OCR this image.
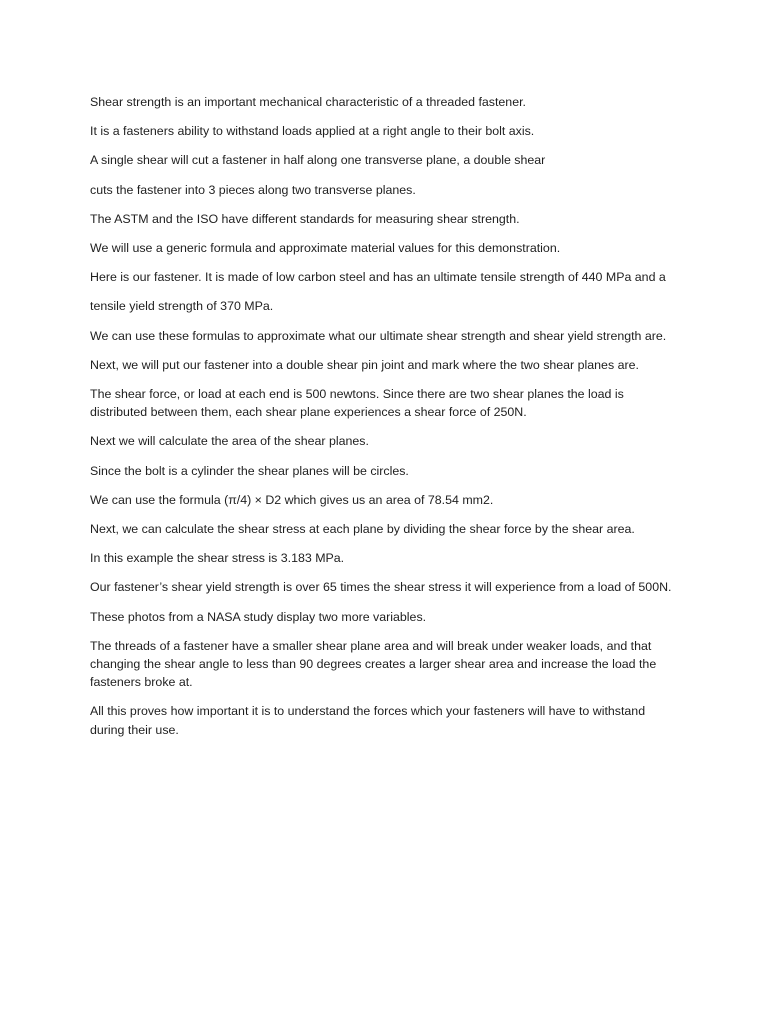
Shear strength is an important mechanical characteristic of a threaded fastener.

It is a fasteners ability to withstand loads applied at a right angle to their bolt axis.

A single shear will cut a fastener in half along one transverse plane, a double shear

cuts the fastener into 3 pieces along two transverse planes.

The ASTM and the ISO have different standards for measuring shear strength.

We will use a generic formula and approximate material values for this demonstration.

Here is our fastener. It is made of low carbon steel and has an ultimate tensile strength of 440 MPa and a

tensile yield strength of 370 MPa.

We can use these formulas to approximate what our ultimate shear strength and shear yield strength are.

Next, we will put our fastener into a double shear pin joint and mark where the two shear planes are.

The shear force, or load at each end is 500 newtons. Since there are two shear planes the load is distributed between them, each shear plane experiences a shear force of 250N.

Next we will calculate the area of the shear planes.

Since the bolt is a cylinder the shear planes will be circles.

We can use the formula (π/4) × D2 which gives us an area of 78.54 mm2.

Next, we can calculate the shear stress at each plane by dividing the shear force by the shear area.

In this example the shear stress is 3.183 MPa.

Our fastener’s shear yield strength is over 65 times the shear stress it will experience from a load of 500N.

These photos from a NASA study display two more variables.

The threads of a fastener have a smaller shear plane area and will break under weaker loads, and that changing the shear angle to less than 90 degrees creates a larger shear area and increase the load the fasteners broke at.

All this proves how important it is to understand the forces which your fasteners will have to withstand during their use.
